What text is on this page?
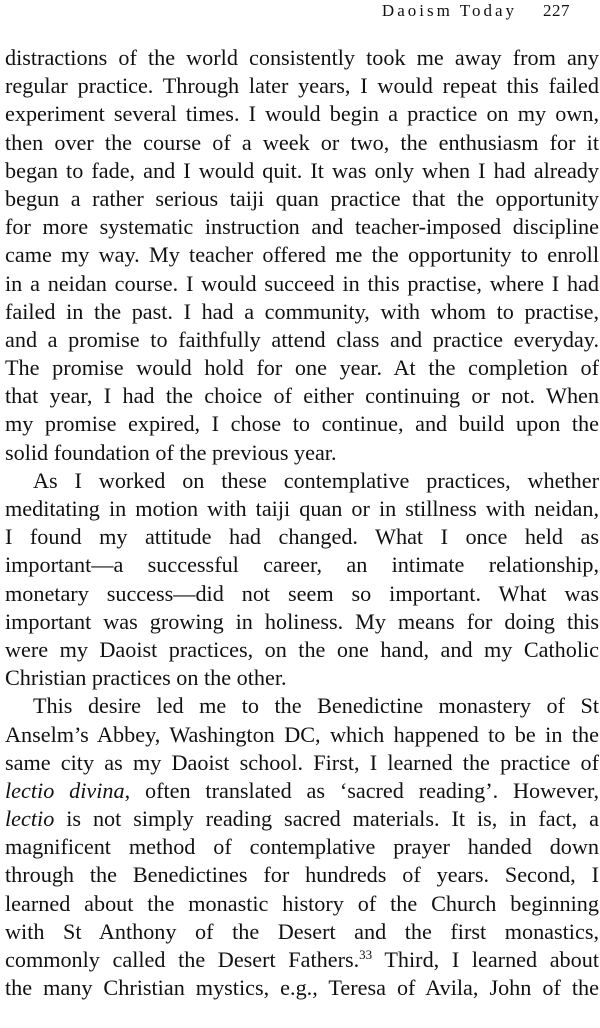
Daoism Today 227
distractions of the world consistently took me away from any
regular practice. Through later years, I would repeat this failed
experiment several times. I would begin a practice on my own,
then over the course of a week or two, the enthusiasm for it
began to fade, and I would quit. It was only when I had already
begun a rather serious taiji quan practice that the opportunity
for more systematic instruction and teacher-imposed discipline
came my way. My teacher offered me the opportunity to enroll
in a neidan course. I would succeed in this practise, where I had
failed in the past. I had a community, with whom to practise,
and a promise to faithfully attend class and practice everyday.
The promise would hold for one year. At the completion of
that year, I had the choice of either continuing or not. When
my promise expired, I chose to continue, and build upon the
solid foundation of the previous year.
As I worked on these contemplative practices, whether
meditating in motion with taiji quan or in stillness with neidan,
I found my attitude had changed. What I once held as
important—a successful career, an intimate relationship,
monetary success—did not seem so important. What was
important was growing in holiness. My means for doing this
were my Daoist practices, on the one hand, and my Catholic
Christian practices on the other.
This desire led me to the Benedictine monastery of St
Anselm’s Abbey, Washington DC, which happened to be in the
same city as my Daoist school. First, I learned the practice of
lectio divina, often translated as ‘sacred reading’. However,
lectio is not simply reading sacred materials. It is, in fact, a
magnificent method of contemplative prayer handed down
through the Benedictines for hundreds of years. Second, I
learned about the monastic history of the Church beginning
with St Anthony of the Desert and the first monastics,
commonly called the Desert Fathers.$^{33}$ Third, I learned about
the many Christian mystics, e.g., Teresa of Avila, John of the
